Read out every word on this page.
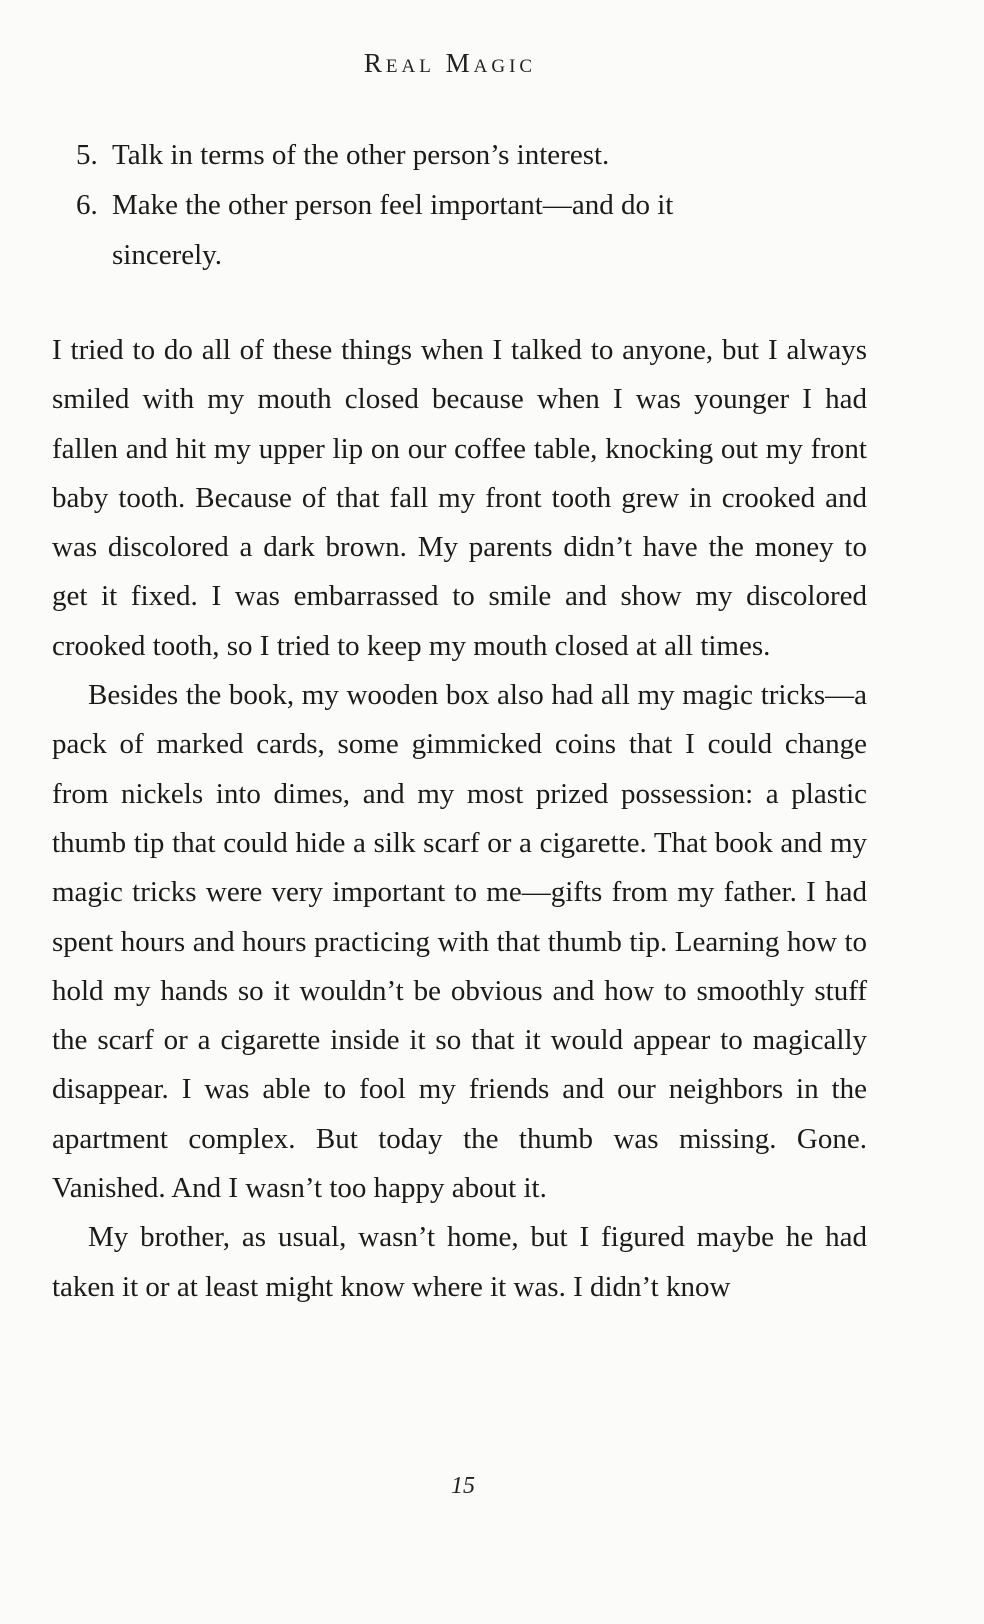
Real Magic
5. Talk in terms of the other person’s interest.
6. Make the other person feel important—and do it sincerely.

I tried to do all of these things when I talked to anyone, but I always smiled with my mouth closed because when I was younger I had fallen and hit my upper lip on our coffee table, knocking out my front baby tooth. Because of that fall my front tooth grew in crooked and was discolored a dark brown. My parents didn’t have the money to get it fixed. I was embarrassed to smile and show my discolored crooked tooth, so I tried to keep my mouth closed at all times.

Besides the book, my wooden box also had all my magic tricks—a pack of marked cards, some gimmicked coins that I could change from nickels into dimes, and my most prized possession: a plastic thumb tip that could hide a silk scarf or a cigarette. That book and my magic tricks were very important to me—gifts from my father. I had spent hours and hours practicing with that thumb tip. Learning how to hold my hands so it wouldn’t be obvious and how to smoothly stuff the scarf or a cigarette inside it so that it would appear to magically disappear. I was able to fool my friends and our neighbors in the apartment complex. But today the thumb was missing. Gone. Vanished. And I wasn’t too happy about it.

My brother, as usual, wasn’t home, but I figured maybe he had taken it or at least might know where it was. I didn’t know

15
